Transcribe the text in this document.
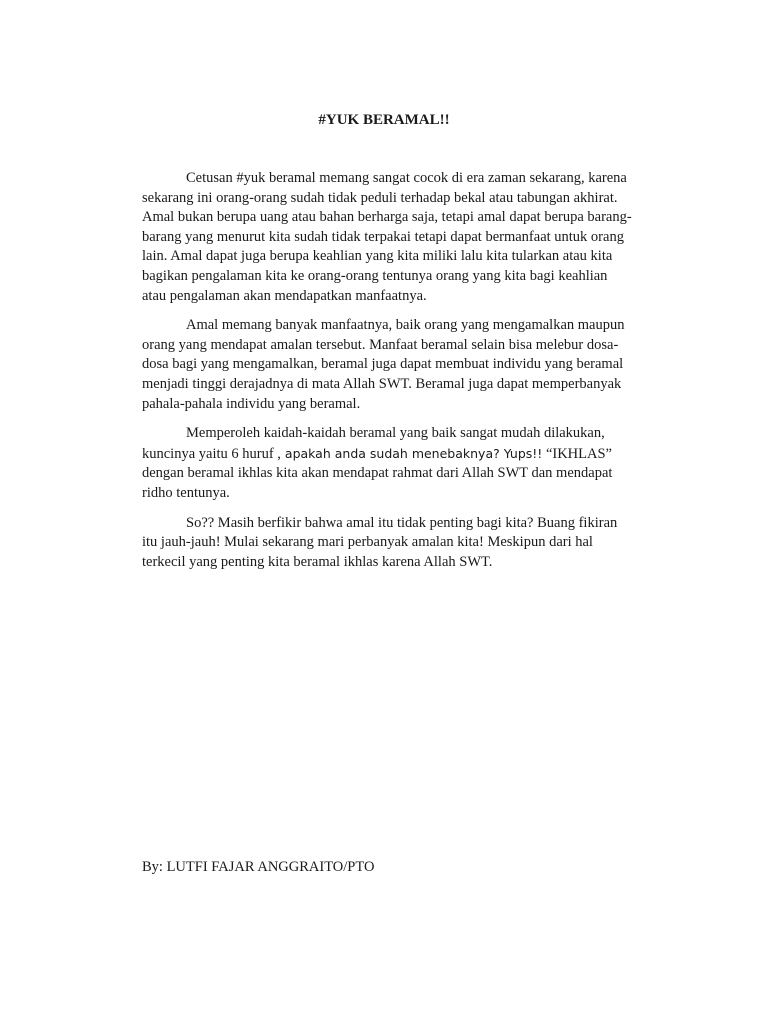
#YUK BERAMAL!!

Cetusan #yuk beramal memang sangat cocok di era zaman sekarang, karena sekarang ini orang-orang sudah tidak peduli terhadap bekal atau tabungan akhirat. Amal bukan berupa uang atau bahan berharga saja, tetapi amal dapat berupa barang-barang yang menurut kita sudah tidak terpakai tetapi dapat bermanfaat untuk orang lain. Amal dapat juga berupa keahlian yang kita miliki lalu kita tularkan atau kita bagikan pengalaman kita ke orang-orang tentunya orang yang kita bagi keahlian atau pengalaman akan mendapatkan manfaatnya.

Amal memang banyak manfaatnya, baik orang yang mengamalkan maupun orang yang mendapat amalan tersebut. Manfaat beramal selain bisa melebur dosa-dosa bagi yang mengamalkan, beramal juga dapat membuat individu yang beramal menjadi tinggi derajadnya di mata Allah SWT. Beramal juga dapat memperbanyak pahala-pahala individu yang beramal.

Memperoleh kaidah-kaidah beramal yang baik sangat mudah dilakukan, kuncinya yaitu 6 huruf , apakah anda sudah menebaknya? Yups!! “IKHLAS” dengan beramal ikhlas kita akan mendapat rahmat dari Allah SWT dan mendapat ridho tentunya.

So?? Masih berfikir bahwa amal itu tidak penting bagi kita? Buang fikiran itu jauh-jauh! Mulai sekarang mari perbanyak amalan kita! Meskipun dari hal terkecil yang penting kita beramal ikhlas karena Allah SWT.

By: LUTFI FAJAR ANGGRAITO/PTO
